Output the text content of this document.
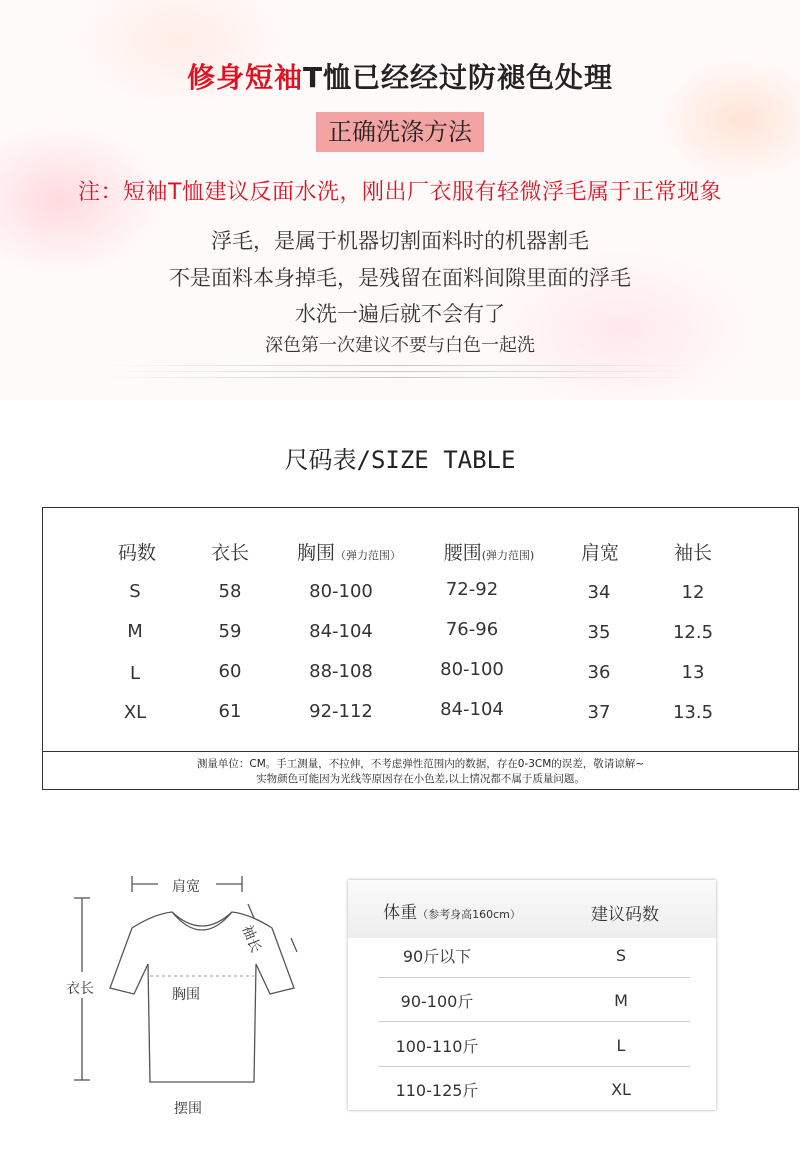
修身短袖T恤已经经过防褪色处理
正确洗涤方法
注：短袖T恤建议反面水洗，刚出厂衣服有轻微浮毛属于正常现象
浮毛，是属于机器切割面料时的机器割毛
不是面料本身掉毛，是残留在面料间隙里面的浮毛
水洗一遍后就不会有了
深色第一次建议不要与白色一起洗
尺码表/SIZE TABLE
码数	衣长	胸围（弹力范围） 腰围(弹力范围) 肩宽	袖长
S	58	80-100	72-92	34	12
M	59	84-104	76-96	35	12.5
L	60	88-108	80-100	36	13
XL	61	92-112	84-104	37	13.5
测量单位：CM。手工测量，不拉伸，不考虑弹性范围内的数据，存在0-3CM的误差，敬请谅解~
实物颜色可能因为光线等原因存在小色差,以上情况都不属于质量问题。
肩宽
袖长
衣长	胸围
摆围
体重（参考身高160cm）	建议码数
90斤以下	S
90-100斤	M
100-110斤	L
110-125斤	XL
